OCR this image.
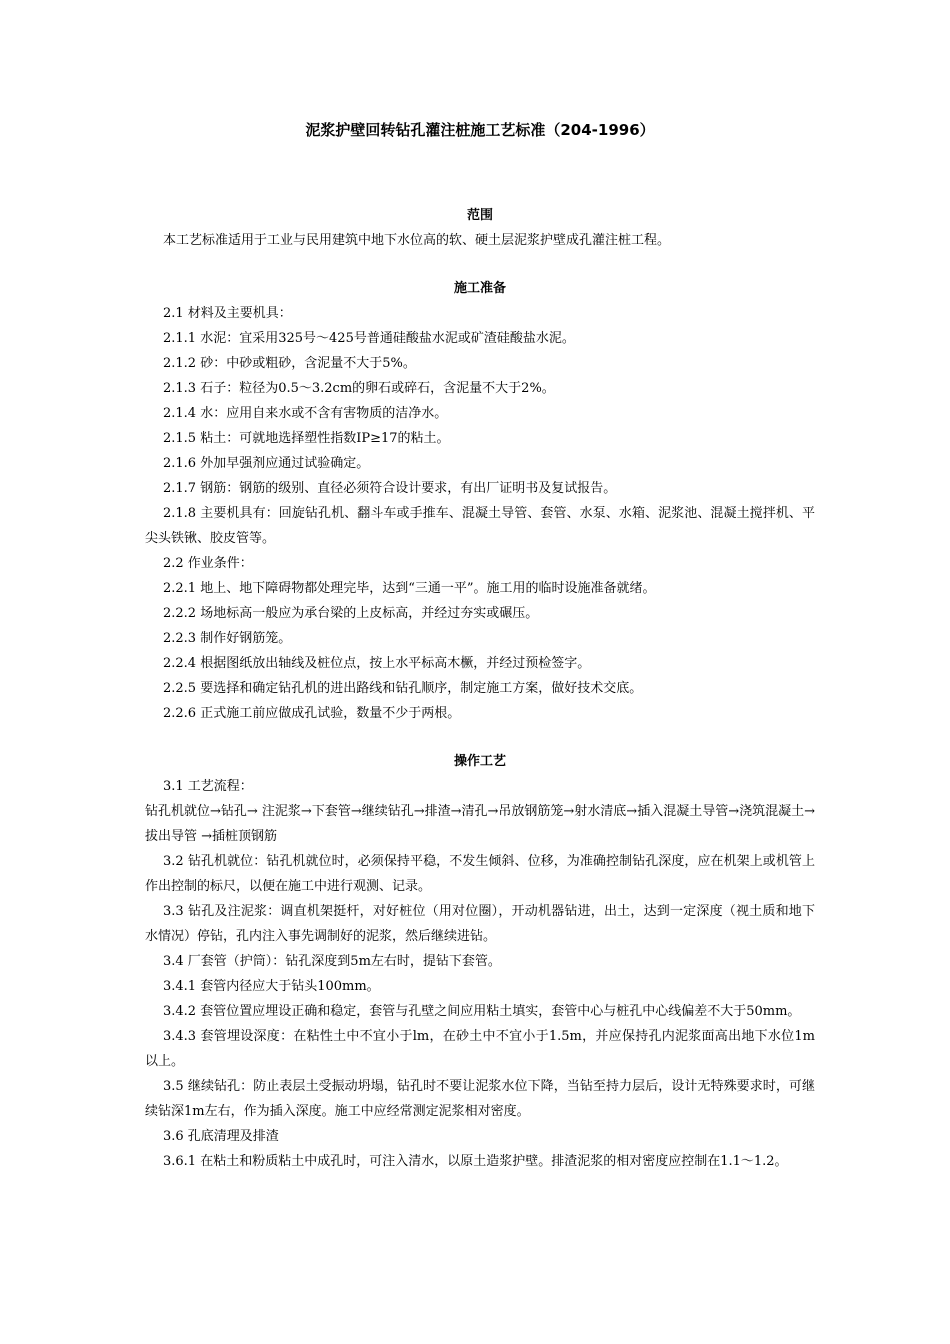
泥浆护壁回转钻孔灌注桩施工艺标准（204-1996）
范围

本工艺标准适用于工业与民用建筑中地下水位高的软、硬土层泥浆护壁成孔灌注桩工程。

施工准备

2.1 材料及主要机具：

2.1.1 水泥：宜采用325号～425号普通硅酸盐水泥或矿渣硅酸盐水泥。

2.1.2 砂：中砂或粗砂，含泥量不大于5%。

2.1.3 石子：粒径为0.5～3.2cm的卵石或碎石，含泥量不大于2%。

2.1.4 水：应用自来水或不含有害物质的洁净水。

2.1.5 粘土：可就地选择塑性指数IP≥17的粘土。

2.1.6 外加早强剂应通过试验确定。

2.1.7 钢筋：钢筋的级别、直径必须符合设计要求，有出厂证明书及复试报告。

2.1.8 主要机具有：回旋钻孔机、翻斗车或手推车、混凝土导管、套管、水泵、水箱、泥浆池、混凝土搅拌机、平尖头铁锹、胶皮管等。

2.2 作业条件：

2.2.1 地上、地下障碍物都处理完毕，达到“三通一平”。施工用的临时设施准备就绪。

2.2.2 场地标高一般应为承台梁的上皮标高，并经过夯实或碾压。

2.2.3 制作好钢筋笼。

2.2.4 根据图纸放出轴线及桩位点，按上水平标高木橛，并经过预检签字。

2.2.5 要选择和确定钻孔机的进出路线和钻孔顺序，制定施工方案，做好技术交底。

2.2.6 正式施工前应做成孔试验，数量不少于两根。

操作工艺

3.1 工艺流程：

钻孔机就位→钻孔→ 注泥浆→下套管→继续钻孔→排渣→清孔→吊放钢筋笼→射水清底→插入混凝土导管→浇筑混凝土→拔出导管 →插桩顶钢筋

3.2 钻孔机就位：钻孔机就位时，必须保持平稳，不发生倾斜、位移，为准确控制钻孔深度，应在机架上或机管上作出控制的标尺，以便在施工中进行观测、记录。

3.3 钻孔及注泥浆：调直机架挺杆，对好桩位（用对位圈），开动机器钻进，出土，达到一定深度（视土质和地下水情况）停钻，孔内注入事先调制好的泥浆，然后继续进钻。

3.4 厂套管（护筒）：钻孔深度到5m左右时，提钻下套管。

3.4.1 套管内径应大于钻头100mm。

3.4.2 套管位置应埋设正确和稳定，套管与孔壁之间应用粘土填实，套管中心与桩孔中心线偏差不大于50mm。

3.4.3 套管埋设深度：在粘性土中不宜小于lm，在砂土中不宜小于1.5m，并应保持孔内泥浆面高出地下水位1m以上。

3.5 继续钻孔：防止表层土受振动坍塌，钻孔时不要让泥浆水位下降，当钻至持力层后，设计无特殊要求时，可继续钻深1m左右，作为插入深度。施工中应经常测定泥浆相对密度。

3.6 孔底清理及排渣

3.6.1 在粘土和粉质粘土中成孔时，可注入清水，以原土造浆护壁。排渣泥浆的相对密度应控制在1.1～1.2。
